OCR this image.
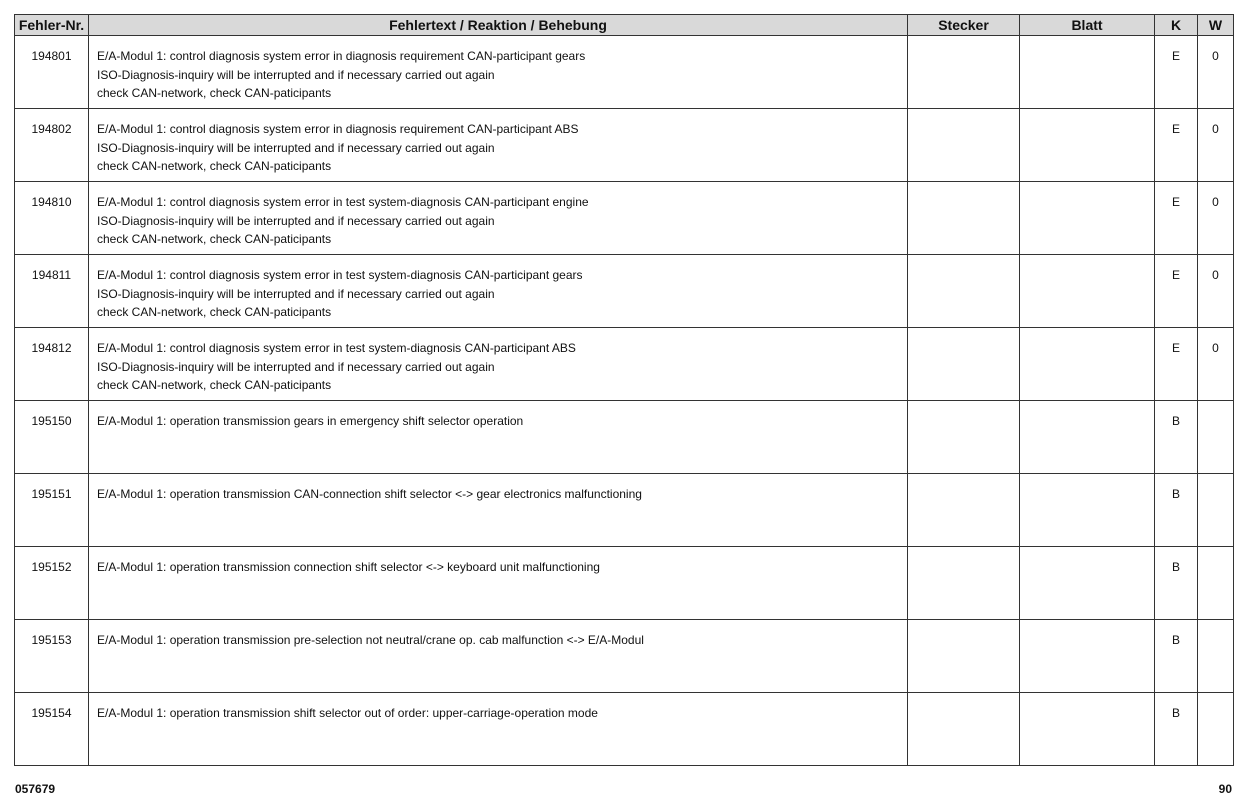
Fehler-Nr.	Fehlertext / Reaktion / Behebung	Stecker	Blatt	K	W
194801	E/A-Modul 1: control diagnosis system error in diagnosis requirement CAN-participant gears
ISO-Diagnosis-inquiry will be interrupted and if necessary carried out again
check CAN-network, check CAN-paticipants			E	0
194802	E/A-Modul 1: control diagnosis system error in diagnosis requirement CAN-participant ABS
ISO-Diagnosis-inquiry will be interrupted and if necessary carried out again
check CAN-network, check CAN-paticipants			E	0
194810	E/A-Modul 1: control diagnosis system error in test system-diagnosis CAN-participant engine
ISO-Diagnosis-inquiry will be interrupted and if necessary carried out again
check CAN-network, check CAN-paticipants			E	0
194811	E/A-Modul 1: control diagnosis system error in test system-diagnosis CAN-participant gears
ISO-Diagnosis-inquiry will be interrupted and if necessary carried out again
check CAN-network, check CAN-paticipants			E	0
194812	E/A-Modul 1: control diagnosis system error in test system-diagnosis CAN-participant ABS
ISO-Diagnosis-inquiry will be interrupted and if necessary carried out again
check CAN-network, check CAN-paticipants			E	0
195150	E/A-Modul 1: operation transmission gears in emergency shift selector operation			B	
195151	E/A-Modul 1: operation transmission CAN-connection shift selector <-> gear electronics malfunctioning			B	
195152	E/A-Modul 1: operation transmission connection shift selector <-> keyboard unit malfunctioning			B	
195153	E/A-Modul 1: operation transmission pre-selection not neutral/crane op. cab malfunction <-> E/A-Modul			B	
195154	E/A-Modul 1: operation transmission shift selector out of order: upper-carriage-operation mode			B	
057679	90
